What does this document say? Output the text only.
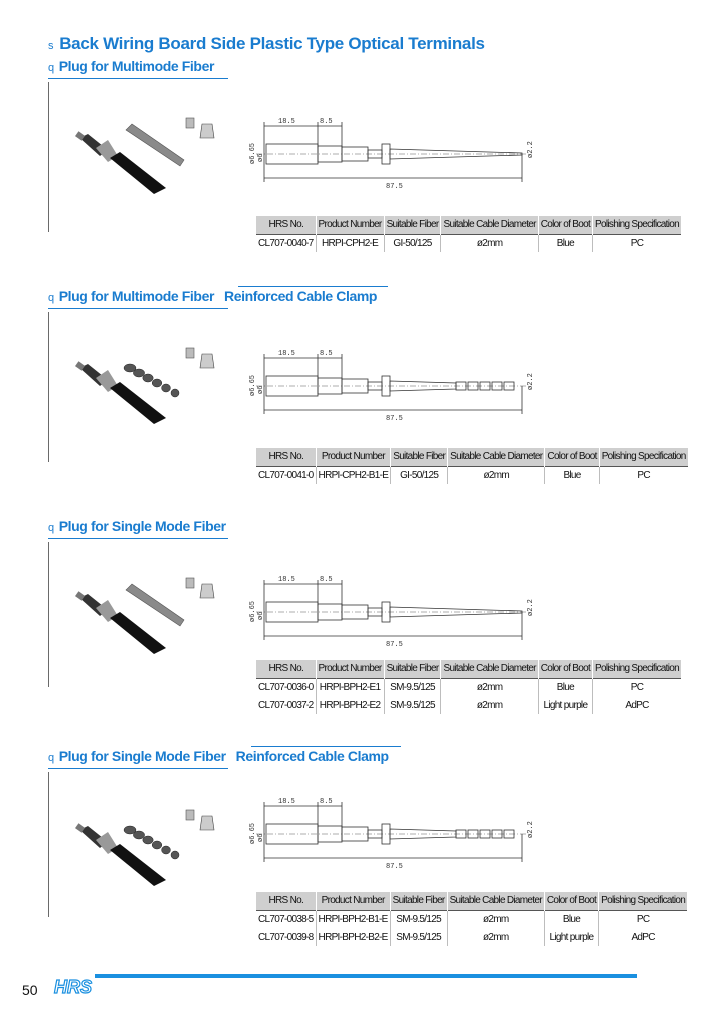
s Back Wiring Board Side Plastic Type Optical Terminals
q Plug for Multimode Fiber
18.5	8.5
87.5
ø2.2
ø6.65 ø6
HRS No.	Product Number	Suitable Fiber	Suitable Cable Diameter	Color of Boot	Polishing Specification
CL707-0040-7	HRPI-CPH2-E	GI-50/125	ø2mm	Blue	PC
q Plug for Multimode Fiber Reinforced Cable Clamp
18.5	8.5
87.5
ø2.2
ø6.65 ø6
HRS No.	Product Number	Suitable Fiber	Suitable Cable Diameter	Color of Boot	Polishing Specification
CL707-0041-0	HRPI-CPH2-B1-E	GI-50/125	ø2mm	Blue	PC
q Plug for Single Mode Fiber
18.5	8.5
87.5
ø2.2
ø6.65 ø6
HRS No.	Product Number	Suitable Fiber	Suitable Cable Diameter	Color of Boot	Polishing Specification
CL707-0036-0	HRPI-BPH2-E1	SM-9.5/125	ø2mm	Blue	PC
CL707-0037-2	HRPI-BPH2-E2	SM-9.5/125	ø2mm	Light purple	AdPC
q Plug for Single Mode Fiber Reinforced Cable Clamp
18.5	8.5
87.5
ø2.2
ø6.65 ø6
HRS No.	Product Number	Suitable Fiber	Suitable Cable Diameter	Color of Boot	Polishing Specification
CL707-0038-5	HRPI-BPH2-B1-E	SM-9.5/125	ø2mm	Blue	PC
CL707-0039-8	HRPI-BPH2-B2-E	SM-9.5/125	ø2mm	Light purple	AdPC
50 HRS
